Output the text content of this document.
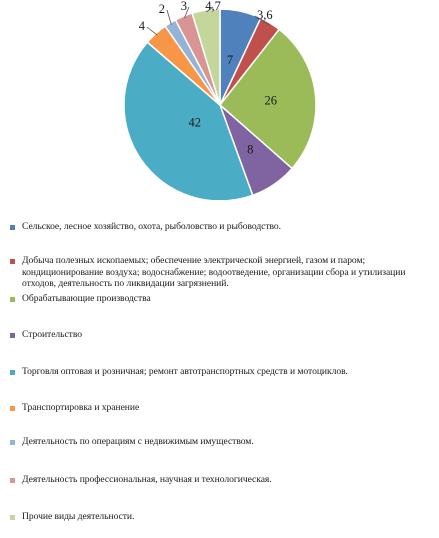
7
3,6
26
8
42
4
2 3 4,7
Сельское, лесное хозяйство, охота, рыболовство и рыбоводство.
Добыча полезных ископаемых; обеспечение электрической энергией, газом и паром; кондиционирование воздуха; водоснабжение; водоотведение, организации сбора и утилизации отходов, деятельность по ликвидации загрязнений.
Обрабатывающие производства
Строительство
Торговля оптовая и розничная; ремонт автотранспортных средств и мотоциклов.
Транспортировка и хранение
Деятельность по операциям с недвижимым имуществом.
Деятельность профессиональная, научная и технологическая.
Прочие виды деятельности.
